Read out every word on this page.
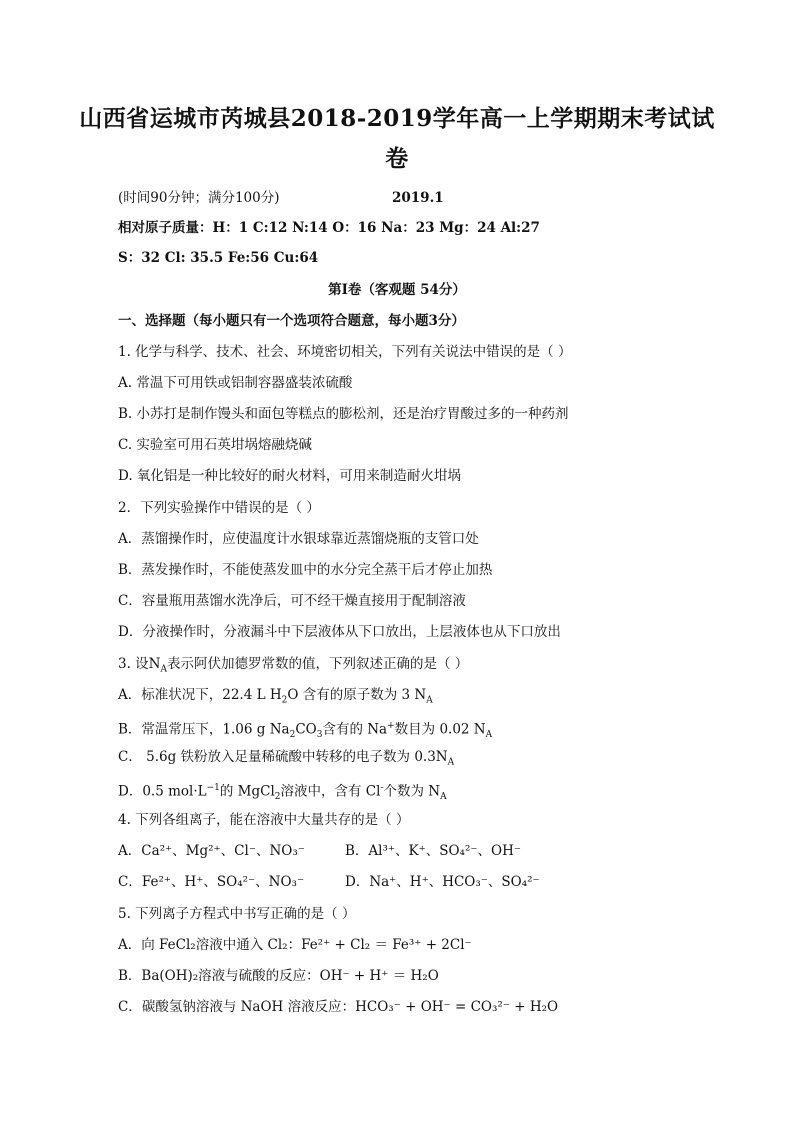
山西省运城市芮城县2018-2019学年高一上学期期末考试试
卷
(时间90分钟；满分100分)	2019.1
相对原子质量：H：1 C:12 N:14 O：16 Na：23 Mg：24 Al:27
S：32 Cl: 35.5 Fe:56 Cu:64
第Ⅰ卷（客观题 54分）
一、选择题（每小题只有一个选项符合题意，每小题3分）
1. 化学与科学、技术、社会、环境密切相关，下列有关说法中错误的是（ ）
A. 常温下可用铁或铝制容器盛装浓硫酸
B. 小苏打是制作馒头和面包等糕点的膨松剂，还是治疗胃酸过多的一种药剂
C. 实验室可用石英坩埚熔融烧碱
D. 氧化铝是一种比较好的耐火材料，可用来制造耐火坩埚
2．下列实验操作中错误的是（ ）
A．蒸馏操作时，应使温度计水银球靠近蒸馏烧瓶的支管口处
B．蒸发操作时，不能使蒸发皿中的水分完全蒸干后才停止加热
C．容量瓶用蒸馏水洗净后，可不经干燥直接用于配制溶液
D．分液操作时，分液漏斗中下层液体从下口放出，上层液体也从下口放出
3. 设$N_A$表示阿伏加德罗常数的值，下列叙述正确的是（ ）
A．标准状况下，22.4 L $H_2O$ 含有的原子数为 3 $N_A$
B．常温常压下，1.06 g $Na_2CO_3$含有的 Na+数目为 0.02 $N_A$
C． 5.6g 铁粉放入足量稀硫酸中转移的电子数为 $0.3N_A$
D．0.5 $mol\cdot L^{-1}$的 MgCl$_2$溶液中，含有 Cl-个数为 $N_A$
4. 下列各组离子，能在溶液中大量共存的是（ ）
A．Ca²⁺、Mg²⁺、Cl⁻、NO₃⁻	B．Al³⁺、K⁺、SO₄²⁻、OH⁻
C．Fe²⁺、H⁺、SO₄²⁻、NO₃⁻	D．Na⁺、H⁺、HCO₃⁻、SO₄²⁻
5. 下列离子方程式中书写正确的是（ ）
A．向 FeCl₂溶液中通入 Cl₂：Fe²⁺ + Cl₂ ＝ Fe³⁺ + 2Cl⁻
B．Ba(OH)₂溶液与硫酸的反应：OH⁻ + H⁺ ＝ H₂O
C．碳酸氢钠溶液与 NaOH 溶液反应：HCO₃⁻ + OH⁻ = CO₃²⁻ + H₂O
